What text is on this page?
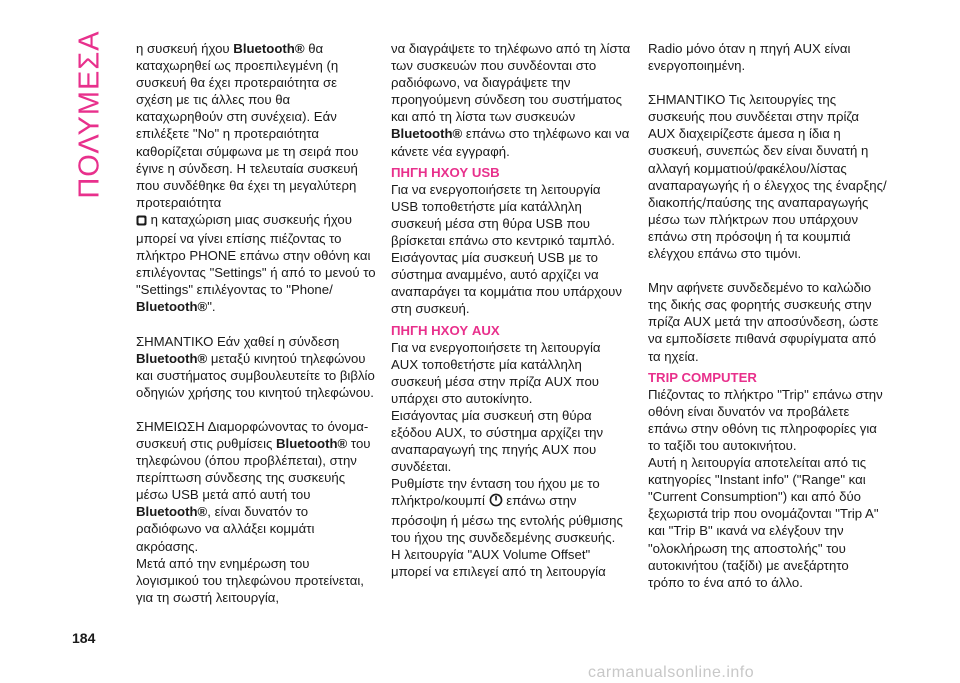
ΠΟΛΥΜΕΣΑ η συσκευή ήχου Bluetooth® θα καταχωρηθεί ως προεπιλεγμένη (η συσκευή θα έχει προτεραιότητα σε σχέση με τις άλλες που θα καταχωρηθούν στη συνέχεια). Εάν επιλέξετε "No" η προτεραιότητα καθορίζεται σύμφωνα με τη σειρά που έγινε η σύνδεση. Η τελευταία συσκευή που συνδέθηκε θα έχει τη μεγαλύτερη προτεραιότητα

η καταχώριση μιας συσκευής ήχου μπορεί να γίνει επίσης πιέζοντας το πλήκτρο PHONE επάνω στην οθόνη και επιλέγοντας "Settings" ή από το μενού το "Settings" επιλέγοντας το "Phone/ Bluetooth®".

ΣΗΜΑΝΤΙΚΟ Εάν χαθεί η σύνδεση Bluetooth® μεταξύ κινητού τηλεφώνου και συστήματος συμβουλευτείτε το βιβλίο οδηγιών χρήσης του κινητού τηλεφώνου.

ΣΗΜΕΙΩΣΗ Διαμορφώνοντας το όνομα-συσκευή στις ρυθμίσεις Bluetooth® του τηλεφώνου (όπου προβλέπεται), στην περίπτωση σύνδεσης της συσκευής μέσω USB μετά από αυτή του Bluetooth®, είναι δυνατόν το ραδιόφωνο να αλλάξει κομμάτι ακρόασης.

Μετά από την ενημέρωση του λογισμικού του τηλεφώνου προτείνεται, για τη σωστή λειτουργία,

να διαγράψετε το τηλέφωνο από τη λίστα των συσκευών που συνδέονται στο ραδιόφωνο, να διαγράψετε την προηγούμενη σύνδεση του συστήματος και από τη λίστα των συσκευών Bluetooth® επάνω στο τηλέφωνο και να κάνετε νέα εγγραφή.

ΠΗΓΗ ΗΧΟΥ USB

Για να ενεργοποιήσετε τη λειτουργία USB τοποθετήστε μία κατάλληλη συσκευή μέσα στη θύρα USB που βρίσκεται επάνω στο κεντρικό ταμπλό.

Εισάγοντας μία συσκευή USB με το σύστημα αναμμένο, αυτό αρχίζει να αναπαράγει τα κομμάτια που υπάρχουν στη συσκευή.

ΠΗΓΗ ΗΧΟΥ AUX

Για να ενεργοποιήσετε τη λειτουργία AUX τοποθετήστε μία κατάλληλη συσκευή μέσα στην πρίζα AUX που υπάρχει στο αυτοκίνητο.

Εισάγοντας μία συσκευή στη θύρα εξόδου AUX, το σύστημα αρχίζει την αναπαραγωγή της πηγής AUX που συνδέεται.

Ρυθμίστε την ένταση του ήχου με το πλήκτρο/κουμπί  επάνω στην πρόσοψη ή μέσω της εντολής ρύθμισης του ήχου της συνδεδεμένης συσκευής.

Η λειτουργία "AUX Volume Offset" μπορεί να επιλεγεί από τη λειτουργία

Radio μόνο όταν η πηγή AUX είναι ενεργοποιημένη.

ΣΗΜΑΝΤΙΚΟ Τις λειτουργίες της συσκευής που συνδέεται στην πρίζα AUX διαχειρίζεστε άμεσα η ίδια η συσκευή, συνεπώς δεν είναι δυνατή η αλλαγή κομματιού/φακέλου/λίστας αναπαραγωγής ή ο έλεγχος της έναρξης/διακοπής/παύσης της αναπαραγωγής μέσω των πλήκτρων που υπάρχουν επάνω στη πρόσοψη ή τα κουμπιά ελέγχου επάνω στο τιμόνι.

Μην αφήνετε συνδεδεμένο το καλώδιο της δικής σας φορητής συσκευής στην πρίζα AUX μετά την αποσύνδεση, ώστε να εμποδίσετε πιθανά σφυρίγματα από τα ηχεία.

TRIP COMPUTER

Πιέζοντας το πλήκτρο "Trip" επάνω στην οθόνη είναι δυνατόν να προβάλετε επάνω στην οθόνη τις πληροφορίες για το ταξίδι του αυτοκινήτου.

Αυτή η λειτουργία αποτελείται από τις κατηγορίες "Instant info" ("Range" και "Current Consumption") και από δύο ξεχωριστά trip που ονομάζονται "Trip A" και "Trip B" ικανά να ελέγξουν την "ολοκλήρωση της αποστολής" του αυτοκινήτου (ταξίδι) με ανεξάρτητο τρόπο το ένα από το άλλο.

184
carmanualsonline.info
